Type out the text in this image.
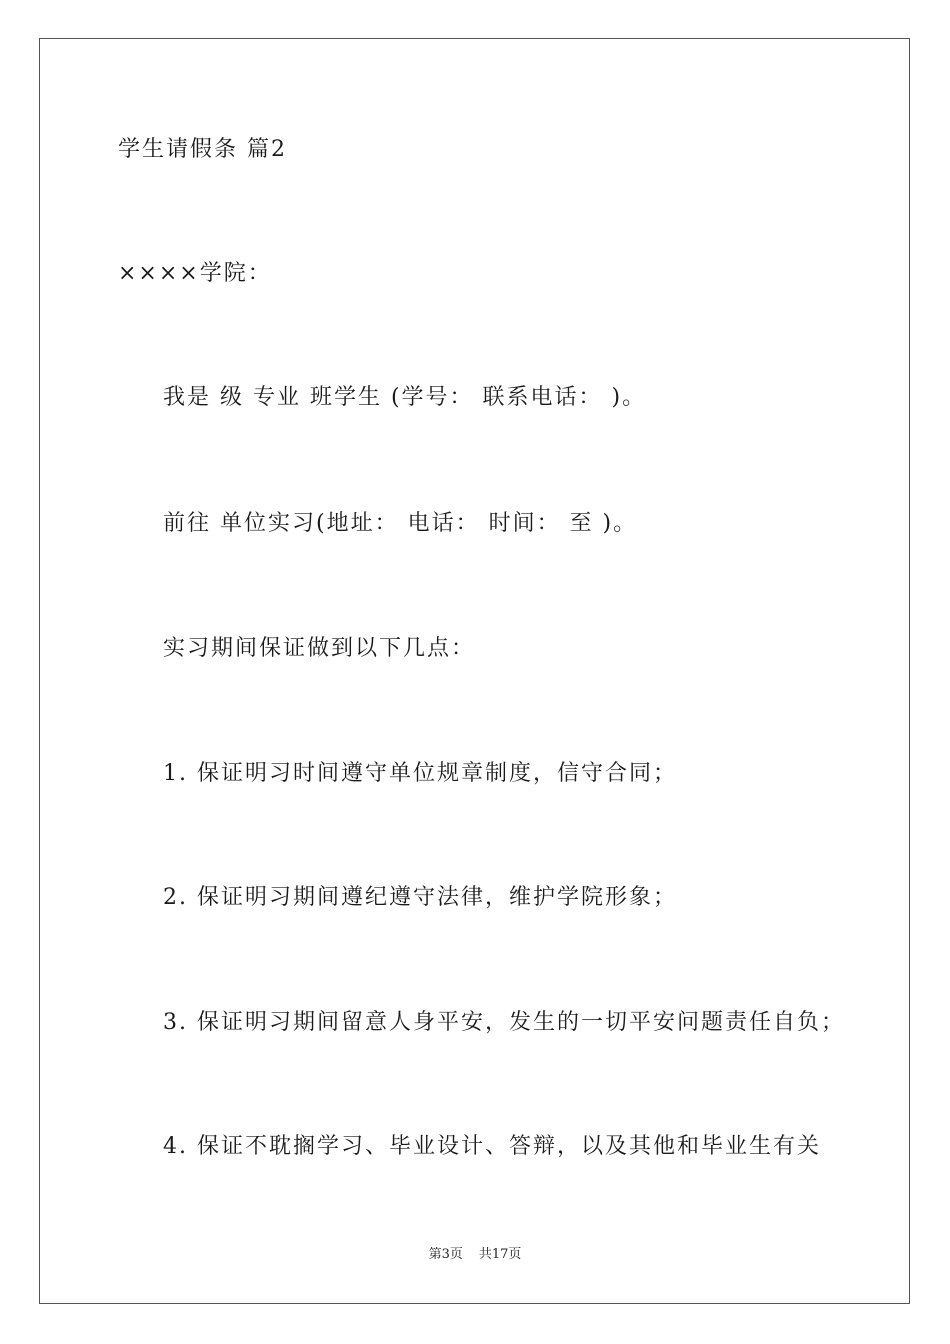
学生请假条 篇2
××××学院：
我是 级 专业 班学生 (学号： 联系电话： )。
前往 单位实习(地址： 电话： 时间： 至 )。
实习期间保证做到以下几点：
1. 保证明习时间遵守单位规章制度，信守合同；
2. 保证明习期间遵纪遵守法律，维护学院形象；
3. 保证明习期间留意人身平安，发生的一切平安问题责任自负；
4. 保证不耽搁学习、毕业设计、答辩，以及其他和毕业生有关
第3页 共17页
